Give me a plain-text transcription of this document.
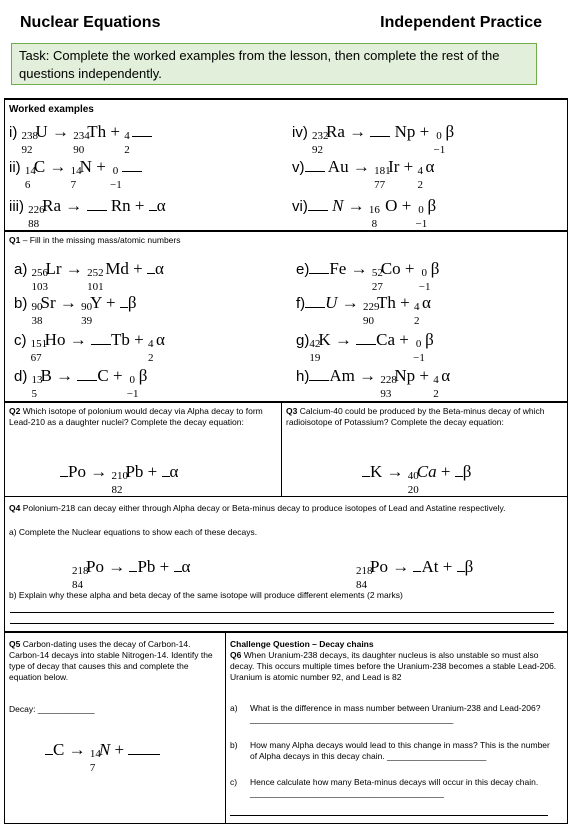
Nuclear Equations	Independent Practice
Task: Complete the worked examples from the lesson, then complete the rest of the questions independently.
Worked examples
i) 238
92
U → 234
90
Th + 4
2
ii) 14
6
C → 14
7
N + 0
−1
iii) 226
88
Ra →  Rn + α
iv) 232
92
Ra →  Np + 0
−1
β
v) Au → 181
77
Ir + 4
2
α
vi) N → 16
8
O + 0
−1
β
Q1 – Fill in the missing mass/atomic numbers
a) 256
103
Lr → 252
101
Md + α
b) 90
38
Sr → 90
39
Y + β
c) 151
67
Ho → Tb + 4
2
α
d) 13
5
B → C + 0
−1
β
e) Fe → 52
27
Co + 0
−1
β
f) U → 229
90
Th + 4
2
α
g) 42
19
K → Ca + 0
−1
β
h) Am → 228
93
Np + 4
2
α
Q2 Which isotope of polonium would decay via Alpha decay to form Lead-210 as a daughter nuclei? Complete the decay equation:
Po → 210
82
Pb + α
Q3 Calcium-40 could be produced by the Beta-minus decay of which radioisotope of Potassium? Complete the decay equation:
K → 40
20
Ca + β
Q4 Polonium-218 can decay either through Alpha decay or Beta-minus decay to produce isotopes of Lead and Astatine respectively.
a) Complete the Nuclear equations to show each of these decays.
b) Explain why these alpha and beta decay of the same isotope will produce different elements (2 marks)
218
84
Po → Pb + α	218
84
Po → At + β
Q5 Carbon-dating uses the decay of Carbon-14. Carbon-14 decays into stable Nitrogen-14. Identify the type of decay that causes this and complete the equation below.
Decay: ____________
C → 14
7
N +
Challenge Question – Decay chains
Q6 When Uranium-238 decays, its daughter nucleus is also unstable so must also decay. This occurs multiple times before the Uranium-238 becomes a stable Lead-206. Uranium is atomic number 92, and Lead is 82
a) What is the difference in mass number between Uranium-238 and Lead-206? ___________________________________________
b) How many Alpha decays would lead to this change in mass? This is the number of Alpha decays in this decay chain. _____________________
c) Hence calculate how many Beta-minus decays will occur in this decay chain. _________________________________________
